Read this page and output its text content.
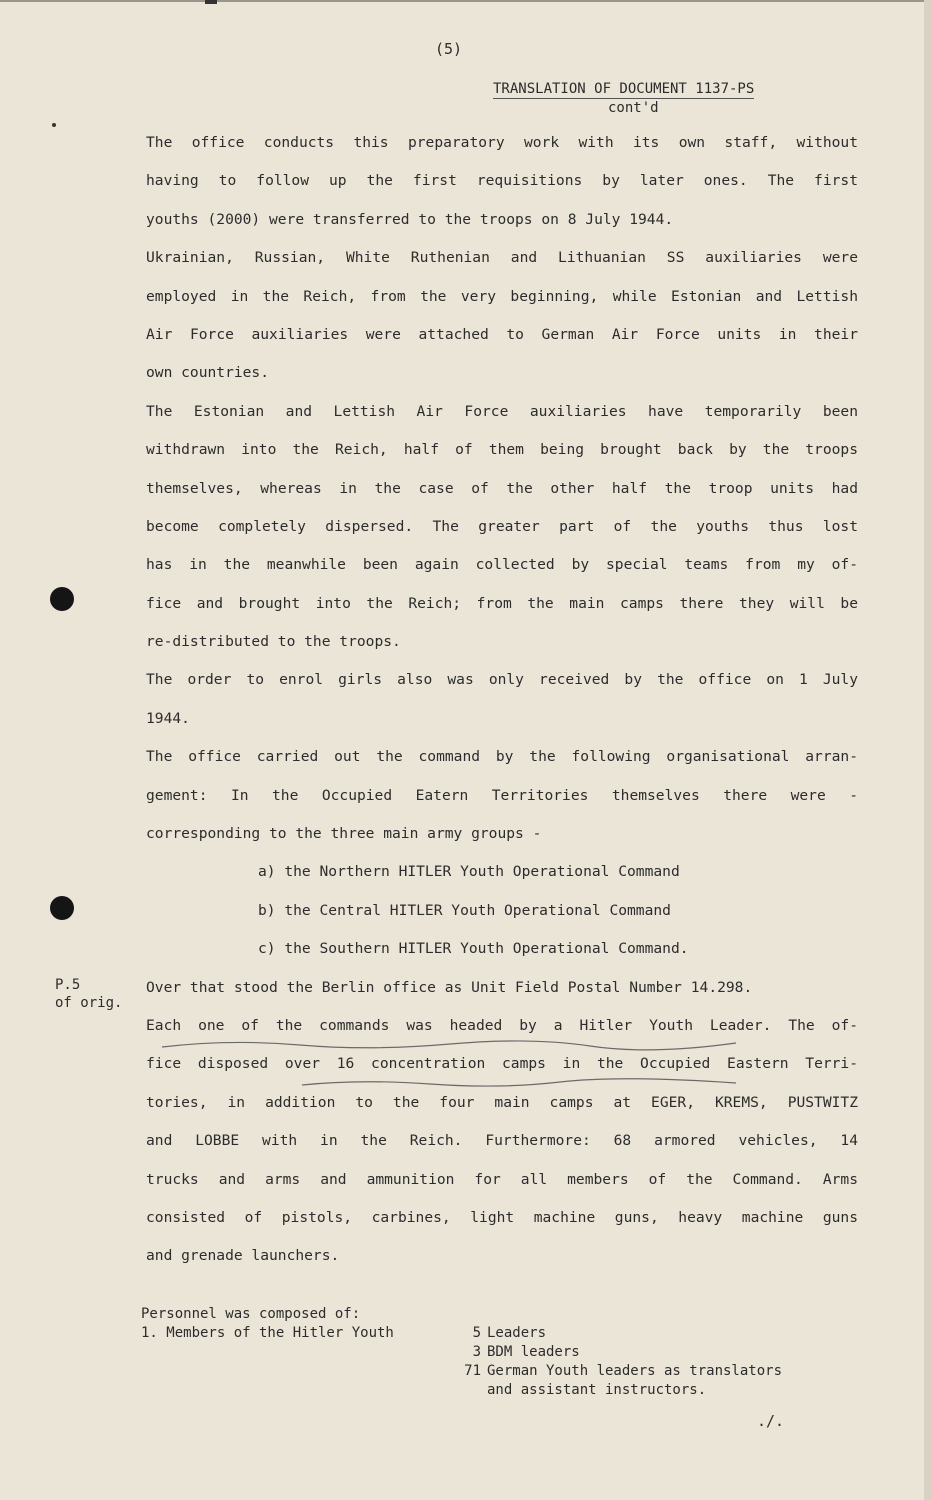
(5)
TRANSLATION OF DOCUMENT 1137-PS
cont'd
P.5
of orig.
The office conducts this preparatory work with its own staff, without
having to follow up the first requisitions by later ones. The first
youths (2000) were transferred to the troops on 8 July 1944.
Ukrainian, Russian, White Ruthenian and Lithuanian SS auxiliaries were
employed in the Reich, from the very beginning, while Estonian and Lettish
Air Force auxiliaries were attached to German Air Force units in their
own countries.
The Estonian and Lettish Air Force auxiliaries have temporarily been
withdrawn into the Reich, half of them being brought back by the troops
themselves, whereas in the case of the other half the troop units had
become completely dispersed. The greater part of the youths thus lost
has in the meanwhile been again collected by special teams from my of-
fice and brought into the Reich; from the main camps there they will be
re-distributed to the troops.
The order to enrol girls also was only received by the office on 1 July
1944.
The office carried out the command by the following organisational arran-
gement: In the Occupied Eatern Territories themselves there were -
corresponding to the three main army groups -
a) the Northern HITLER Youth Operational Command
b) the Central HITLER Youth Operational Command
c) the Southern HITLER Youth Operational Command.
Over that stood the Berlin office as Unit Field Postal Number 14.298.
Each one of the commands was headed by a Hitler Youth Leader. The of-
fice disposed over 16 concentration camps in the Occupied Eastern Terri-
tories, in addition to the four main camps at EGER, KREMS, PUSTWITZ
and LOBBE with in the Reich. Furthermore: 68 armored vehicles, 14
trucks and arms and ammunition for all members of the Command. Arms
consisted of pistols, carbines, light machine guns, heavy machine guns
and grenade launchers.
Personnel was composed of:
1. Members of the Hitler Youth	5 Leaders
3 BDM leaders
71 German Youth leaders as translators
and assistant instructors.
./.
